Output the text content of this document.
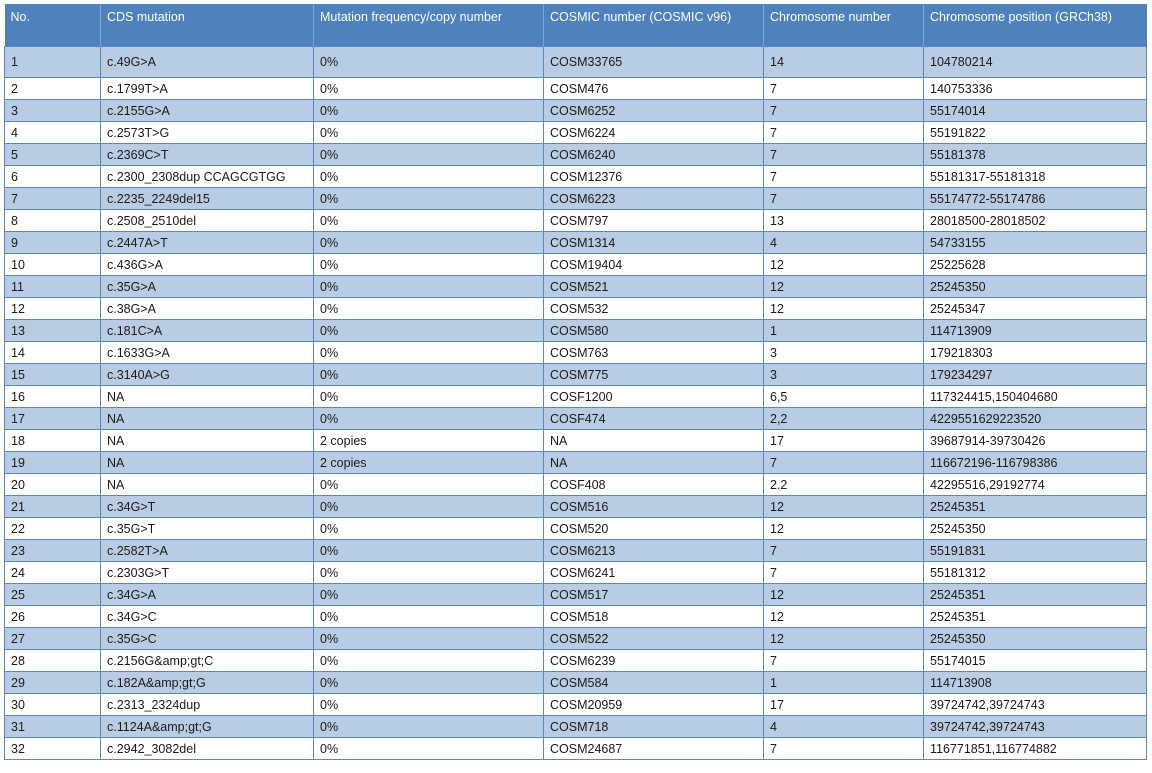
No.	CDS mutation	Mutation frequency/copy number	COSMIC number (COSMIC v96)	Chromosome number	Chromosome position (GRCh38)
1	c.49G>A	0%	COSM33765	14	104780214
2	c.1799T>A	0%	COSM476	7	140753336
3	c.2155G>A	0%	COSM6252	7	55174014
4	c.2573T>G	0%	COSM6224	7	55191822
5	c.2369C>T	0%	COSM6240	7	55181378
6	c.2300_2308dup CCAGCGTGG	0%	COSM12376	7	55181317-55181318
7	c.2235_2249del15	0%	COSM6223	7	55174772-55174786
8	c.2508_2510del	0%	COSM797	13	28018500-28018502
9	c.2447A>T	0%	COSM1314	4	54733155
10	c.436G>A	0%	COSM19404	12	25225628
11	c.35G>A	0%	COSM521	12	25245350
12	c.38G>A	0%	COSM532	12	25245347
13	c.181C>A	0%	COSM580	1	114713909
14	c.1633G>A	0%	COSM763	3	179218303
15	c.3140A>G	0%	COSM775	3	179234297
16	NA	0%	COSF1200	6,5	117324415,150404680
17	NA	0%	COSF474	2,2	4229551629223520
18	NA	2 copies	NA	17	39687914-39730426
19	NA	2 copies	NA	7	116672196-116798386
20	NA	0%	COSF408	2.2	42295516,29192774
21	c.34G>T	0%	COSM516	12	25245351
22	c.35G>T	0%	COSM520	12	25245350
23	c.2582T>A	0%	COSM6213	7	55191831
24	c.2303G>T	0%	COSM6241	7	55181312
25	c.34G>A	0%	COSM517	12	25245351
26	c.34G>C	0%	COSM518	12	25245351
27	c.35G>C	0%	COSM522	12	25245350
28	c.2156G&amp;gt;C	0%	COSM6239	7	55174015
29	c.182A&amp;gt;G	0%	COSM584	1	114713908
30	c.2313_2324dup	0%	COSM20959	17	39724742,39724743
31	c.1124A&amp;gt;G	0%	COSM718	4	39724742,39724743
32	c.2942_3082del	0%	COSM24687	7	116771851,116774882
